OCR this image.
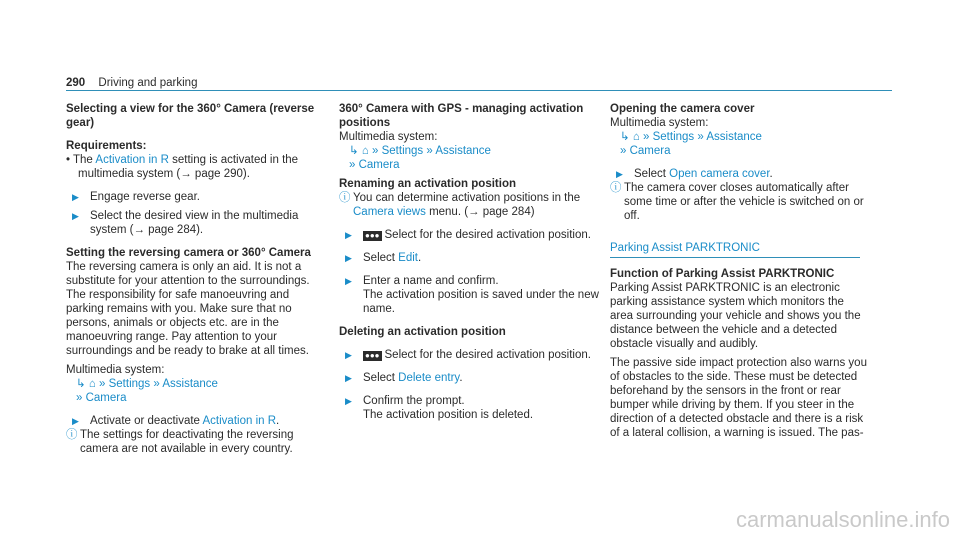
290 Driving and parking

Selecting a view for the 360° Camera (reverse gear)

Requirements:

• The Activation in R setting is activated in the multimedia system (→ page 290).

▶ Engage reverse gear.
▶ Select the desired view in the multimedia system (→ page 284).

Setting the reversing camera or 360° Camera

The reversing camera is only an aid. It is not a substitute for your attention to the surroundings. The responsibility for safe manoeuvring and parking remains with you. Make sure that no persons, animals or objects etc. are in the manoeuvring range. Pay attention to your surroundings and be ready to brake at all times.

Multimedia system:

↳ ⌂ » Settings » Assistance
» Camera
▶ Activate or deactivate Activation in R.
ⓘ The settings for deactivating the reversing camera are not available in every country.

360° Camera with GPS - managing activation positions

Multimedia system:

↳ ⌂ » Settings » Assistance
» Camera

Renaming an activation position

ⓘ You can determine activation positions in the
Camera views menu. (→ page 284)
▶	●●● Select for the desired activation position.
▶ Select Edit.
▶ Enter a name and confirm.
The activation position is saved under the new name.

Deleting an activation position

▶	●●● Select for the desired activation position.
▶ Select Delete entry.
▶ Confirm the prompt.
The activation position is deleted.

Opening the camera cover

Multimedia system:

↳ ⌂ » Settings » Assistance
» Camera
▶ Select Open camera cover.
ⓘ The camera cover closes automatically after some time or after the vehicle is switched on or off.
Parking Assist PARKTRONIC

Function of Parking Assist PARKTRONIC

Parking Assist PARKTRONIC is an electronic parking assistance system which monitors the area surrounding your vehicle and shows you the distance between the vehicle and a detected obstacle visually and audibly.

The passive side impact protection also warns you of obstacles to the side. These must be detected beforehand by the sensors in the front or rear bumper while driving by them. If you steer in the direction of a detected obstacle and there is a risk of a lateral collision, a warning is issued. The pas-

carmanualsonline.info
